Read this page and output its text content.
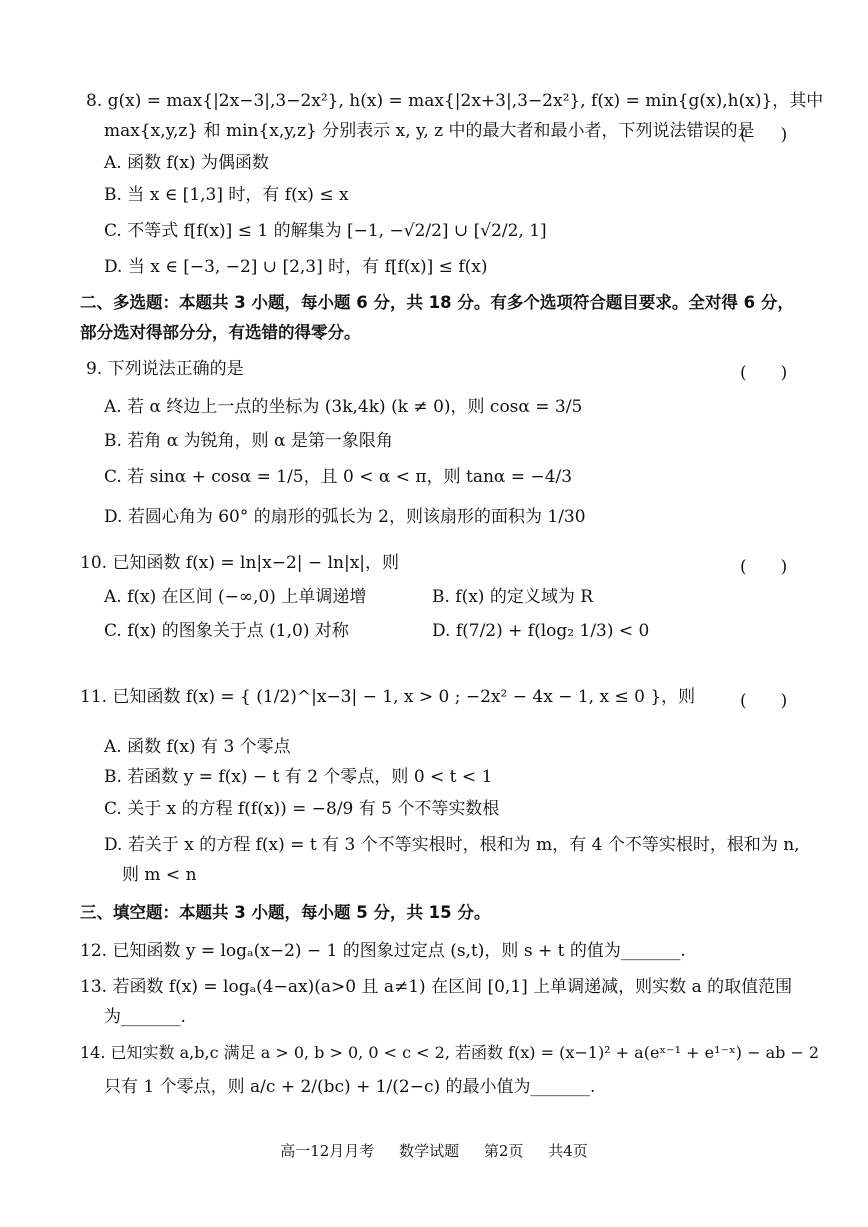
8. g(x) = max{|2x−3|,3−2x²}, h(x) = max{|2x+3|,3−2x²}, f(x) = min{g(x),h(x)}，其中
max{x,y,z} 和 min{x,y,z} 分别表示 x, y, z 中的最大者和最小者，下列说法错误的是
(　　)
A. 函数 f(x) 为偶函数
B. 当 x ∈ [1,3] 时，有 f(x) ≤ x
C. 不等式 f[f(x)] ≤ 1 的解集为 [−1, −√2/2] ∪ [√2/2, 1]
D. 当 x ∈ [−3, −2] ∪ [2,3] 时，有 f[f(x)] ≤ f(x)
二、多选题：本题共 3 小题，每小题 6 分，共 18 分。有多个选项符合题目要求。全对得 6 分，
部分选对得部分分，有选错的得零分。
9. 下列说法正确的是	(　　)
A. 若 α 终边上一点的坐标为 (3k,4k) (k ≠ 0)，则 cosα = 3/5
B. 若角 α 为锐角，则 α 是第一象限角
C. 若 sinα + cosα = 1/5，且 0 < α < π，则 tanα = −4/3
D. 若圆心角为 60° 的扇形的弧长为 2，则该扇形的面积为 1/30
10. 已知函数 f(x) = ln|x−2| − ln|x|，则	(　　)
A. f(x) 在区间 (−∞,0) 上单调递增	B. f(x) 的定义域为 R
C. f(x) 的图象关于点 (1,0) 对称	D. f(7/2) + f(log₂ 1/3) < 0
11. 已知函数 f(x) = { (1/2)^|x−3| − 1, x > 0 ; −2x² − 4x − 1, x ≤ 0 }，则	(　　)
A. 函数 f(x) 有 3 个零点
B. 若函数 y = f(x) − t 有 2 个零点，则 0 < t < 1
C. 关于 x 的方程 f(f(x)) = −8/9 有 5 个不等实数根
D. 若关于 x 的方程 f(x) = t 有 3 个不等实根时，根和为 m，有 4 个不等实根时，根和为 n,
则 m < n
三、填空题：本题共 3 小题，每小题 5 分，共 15 分。
12. 已知函数 y = logₐ(x−2) − 1 的图象过定点 (s,t)，则 s + t 的值为_______.
13. 若函数 f(x) = logₐ(4−ax)(a>0 且 a≠1) 在区间 [0,1] 上单调递减，则实数 a 的取值范围
为_______.
14. 已知实数 a,b,c 满足 a > 0, b > 0, 0 < c < 2, 若函数 f(x) = (x−1)² + a(eˣ⁻¹ + e¹⁻ˣ) − ab − 2
只有 1 个零点，则 a/c + 2/(bc) + 1/(2−c) 的最小值为_______.
高一12月月考 数学试题 第2页 共4页
